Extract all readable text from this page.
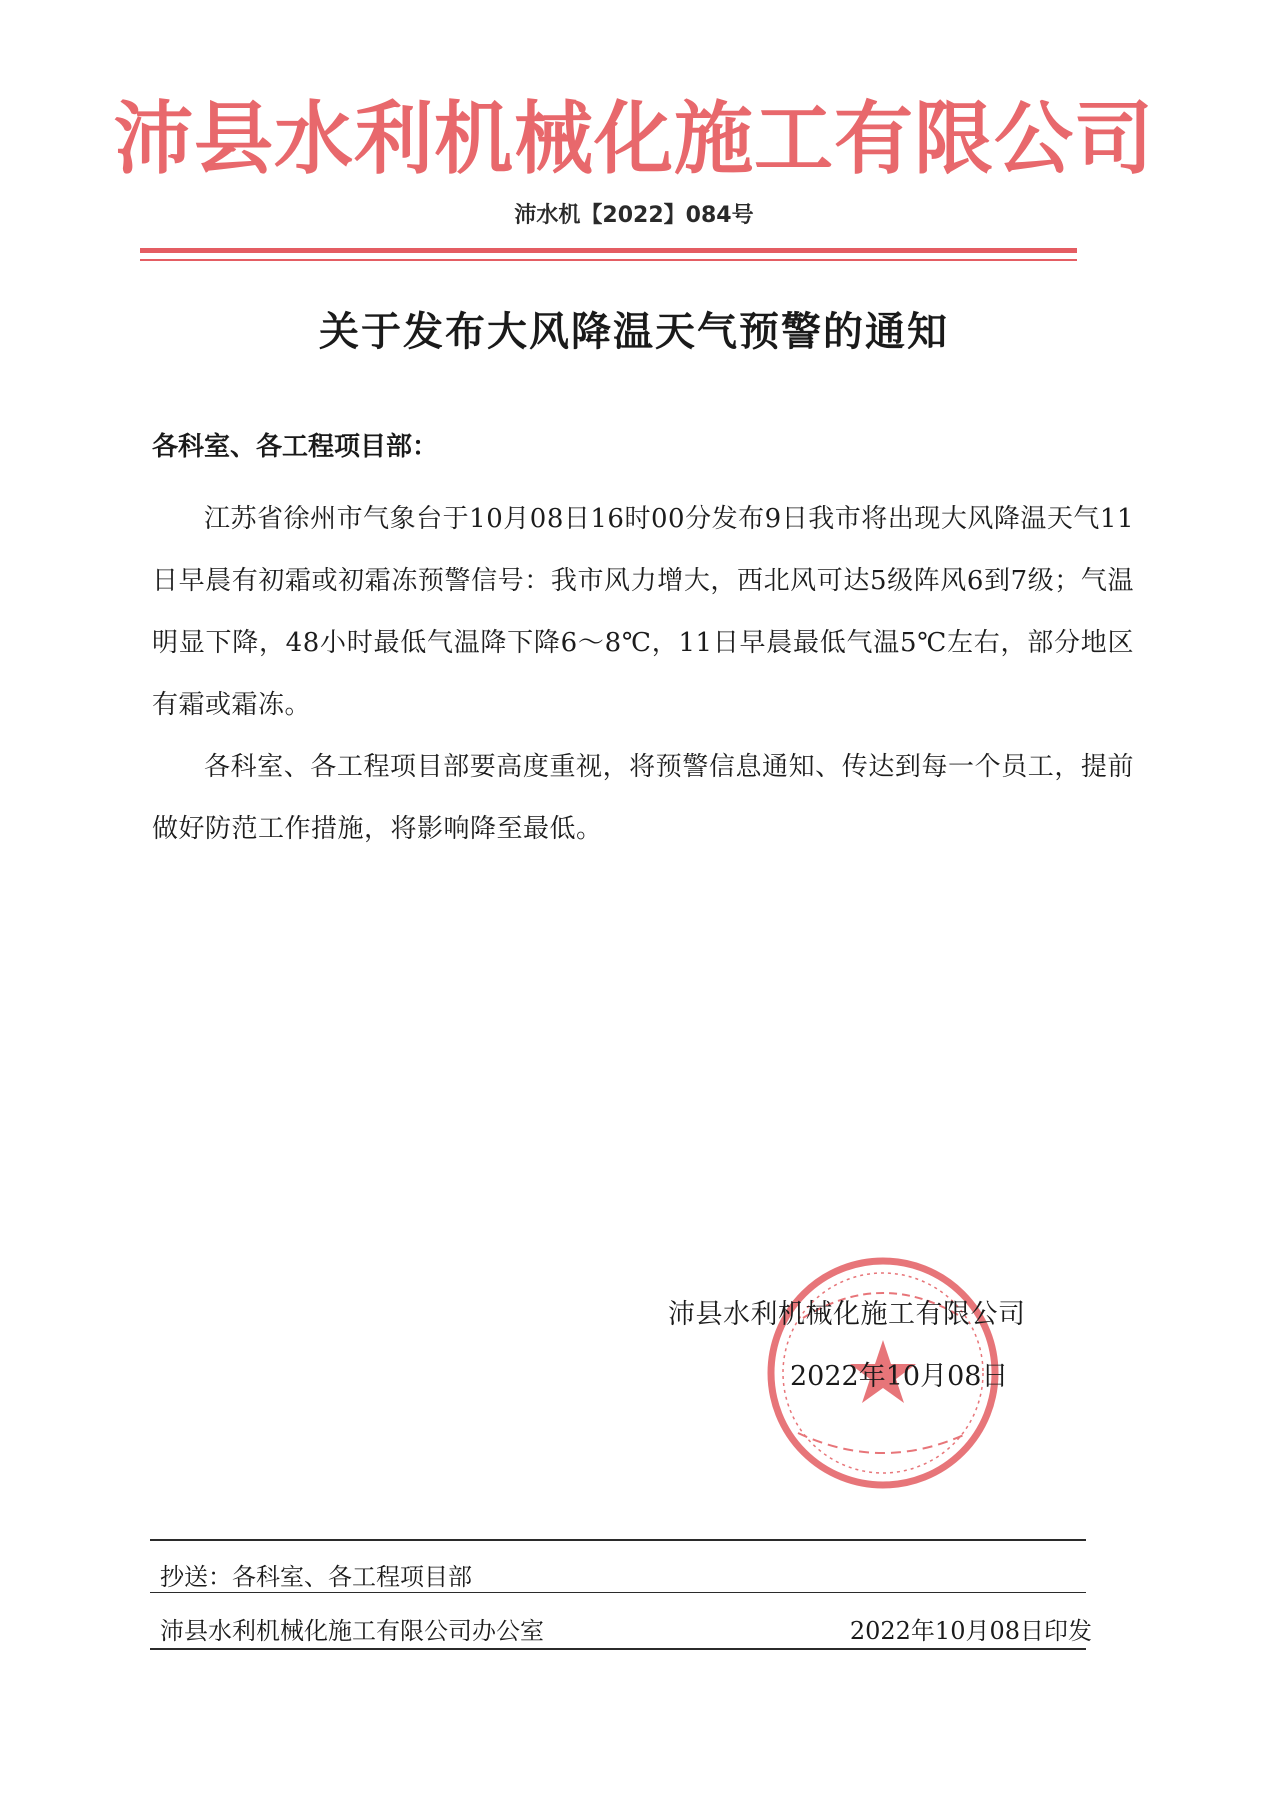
沛县水利机械化施工有限公司
沛水机【2022】084号
关于发布大风降温天气预警的通知
各科室、各工程项目部：

江苏省徐州市气象台于10月08日16时00分发布9日我市将出现大风降温天气11日早晨有初霜或初霜冻预警信号：我市风力增大，西北风可达5级阵风6到7级；气温明显下降，48小时最低气温降下降6～8℃，11日早晨最低气温5℃左右，部分地区有霜或霜冻。

各科室、各工程项目部要高度重视，将预警信息通知、传达到每一个员工，提前做好防范工作措施，将影响降至最低。

沛县水利机械化施工有限公司
2022年10月08日
抄送：各科室、各工程项目部
沛县水利机械化施工有限公司办公室	2022年10月08日印发
